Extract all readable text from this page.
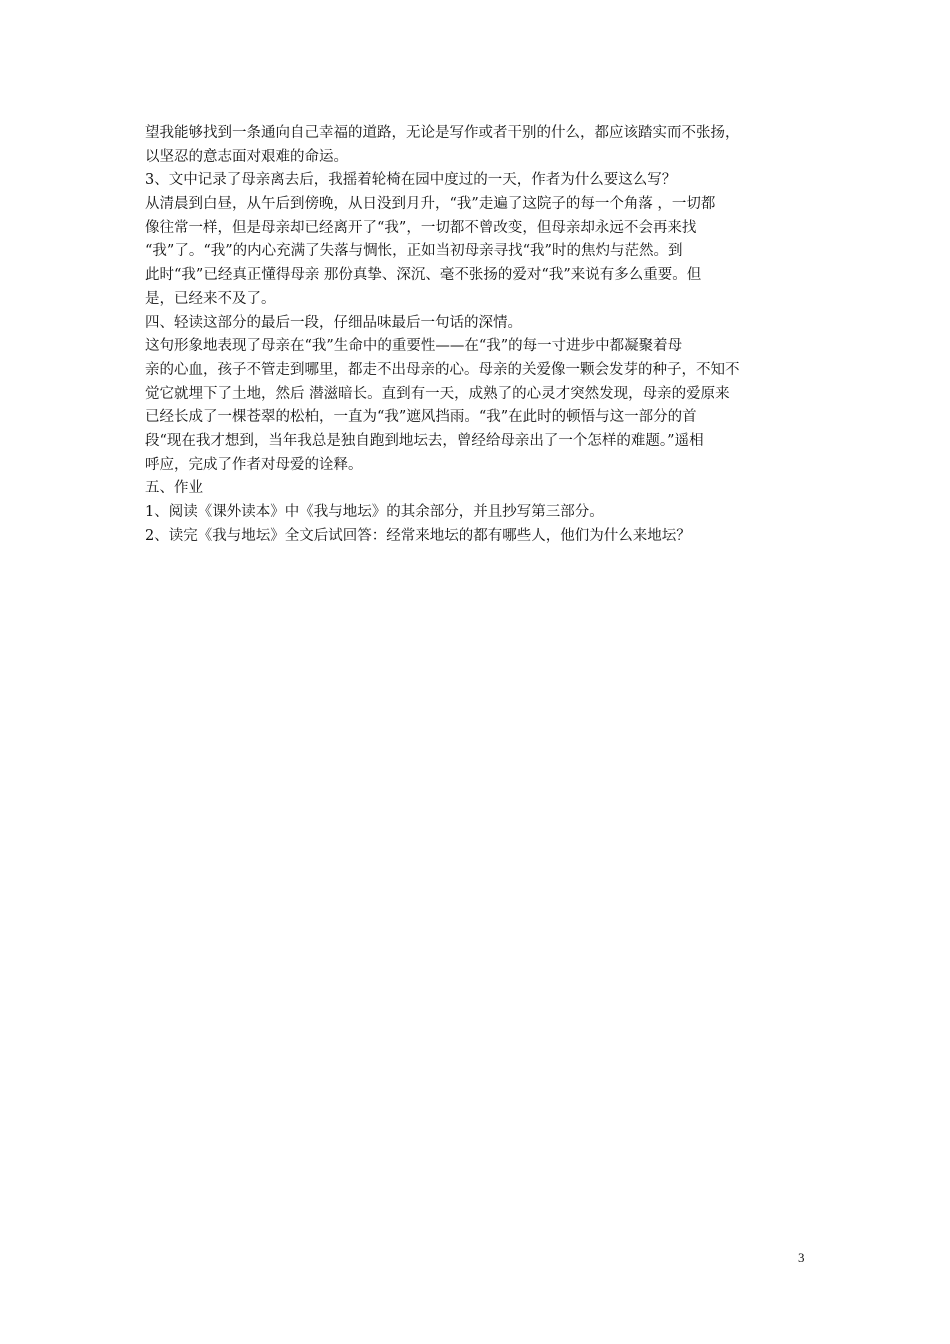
望我能够找到一条通向自己幸福的道路，无论是写作或者干别的什么，都应该踏实而不张扬，

以坚忍的意志面对艰难的命运。

3、文中记录了母亲离去后，我摇着轮椅在园中度过的一天，作者为什么要这么写？

从清晨到白昼，从午后到傍晚，从日没到月升，“我”走遍了这院子的每一个角落 ，一切都

像往常一样，但是母亲却已经离开了“我”，一切都不曾改变，但母亲却永远不会再来找

“我”了。“我”的内心充满了失落与惆怅，正如当初母亲寻找“我”时的焦灼与茫然。到

此时“我”已经真正懂得母亲 那份真挚、深沉、毫不张扬的爱对“我”来说有多么重要。但

是，已经来不及了。

四、轻读这部分的最后一段，仔细品味最后一句话的深情。

这句形象地表现了母亲在“我”生命中的重要性——在“我”的每一寸进步中都凝聚着母

亲的心血，孩子不管走到哪里，都走不出母亲的心。母亲的关爱像一颗会发芽的种子，不知不

觉它就埋下了土地，然后 潜滋暗长。直到有一天，成熟了的心灵才突然发现，母亲的爱原来

已经长成了一棵苍翠的松柏，一直为“我”遮风挡雨。“我”在此时的顿悟与这一部分的首

段“现在我才想到，当年我总是独自跑到地坛去，曾经给母亲出了一个怎样的难题。”遥相

呼应，完成了作者对母爱的诠释。

五、作业

1、阅读《课外读本》中《我与地坛》的其余部分，并且抄写第三部分。

2、读完《我与地坛》全文后试回答：经常来地坛的都有哪些人，他们为什么来地坛？

3
